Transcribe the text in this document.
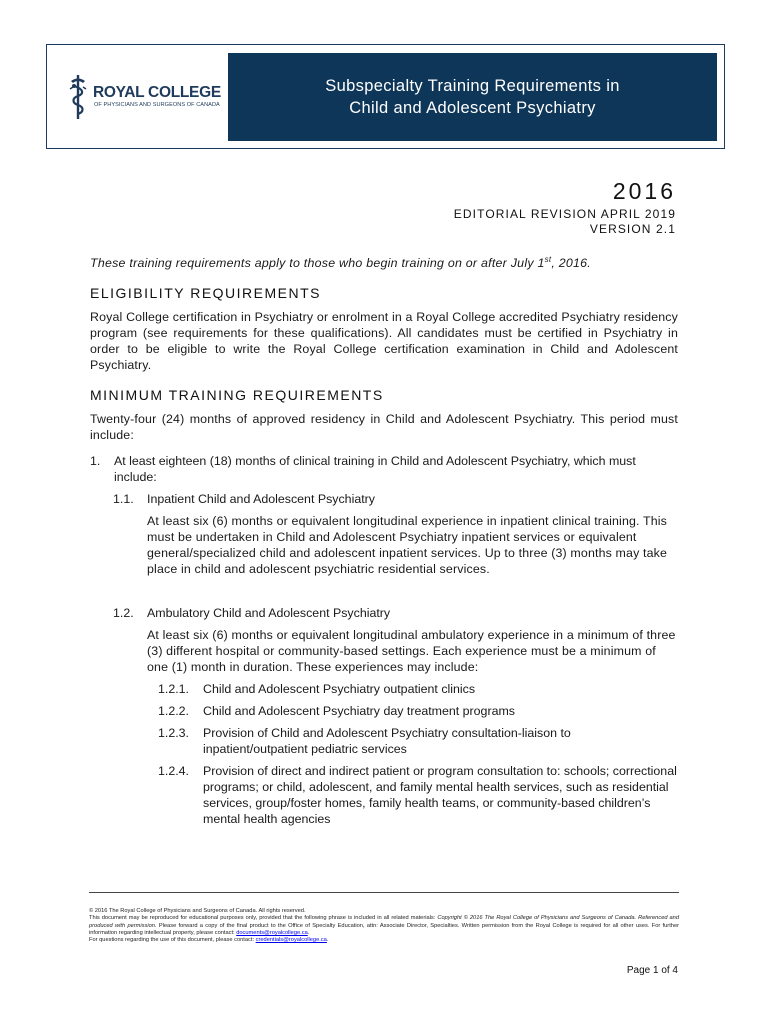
ROYAL COLLEGE
OF PHYSICIANS AND SURGEONS OF CANADA
Subspecialty Training Requirements in
Child and Adolescent Psychiatry
2016
EDITORIAL REVISION APRIL 2019
VERSION 2.1

These training requirements apply to those who begin training on or after July 1st, 2016.

ELIGIBILITY REQUIREMENTS

Royal College certification in Psychiatry or enrolment in a Royal College accredited Psychiatry residency program (see requirements for these qualifications). All candidates must be certified in Psychiatry in order to be eligible to write the Royal College certification examination in Child and Adolescent Psychiatry.

MINIMUM TRAINING REQUIREMENTS

Twenty-four (24) months of approved residency in Child and Adolescent Psychiatry. This period must include:

1.	At least eighteen (18) months of clinical training in Child and Adolescent Psychiatry, which must include:
1.1.	Inpatient Child and Adolescent Psychiatry

At least six (6) months or equivalent longitudinal experience in inpatient clinical training. This must be undertaken in Child and Adolescent Psychiatry inpatient services or equivalent general/specialized child and adolescent inpatient services. Up to three (3) months may take place in child and adolescent psychiatric residential services.

1.2.	Ambulatory Child and Adolescent Psychiatry

At least six (6) months or equivalent longitudinal ambulatory experience in a minimum of three (3) different hospital or community-based settings. Each experience must be a minimum of one (1) month in duration. These experiences may include:

1.2.1.	Child and Adolescent Psychiatry outpatient clinics
1.2.2.	Child and Adolescent Psychiatry day treatment programs
1.2.3.	Provision of Child and Adolescent Psychiatry consultation-liaison to inpatient/outpatient pediatric services
1.2.4.	Provision of direct and indirect patient or program consultation to: schools; correctional programs; or child, adolescent, and family mental health services, such as residential services, group/foster homes, family health teams, or community-based children’s mental health agencies

© 2016 The Royal College of Physicians and Surgeons of Canada. All rights reserved.

This document may be reproduced for educational purposes only, provided that the following phrase is included in all related materials: Copyright © 2016 The Royal College of Physicians and Surgeons of Canada. Referenced and produced with permission. Please forward a copy of the final product to the Office of Specialty Education, attn: Associate Director, Specialties. Written permission from the Royal College is required for all other uses. For further information regarding intellectual property, please contact: documents@royalcollege.ca.

For questions regarding the use of this document, please contact: credentials@royalcollege.ca.

Page 1 of 4
